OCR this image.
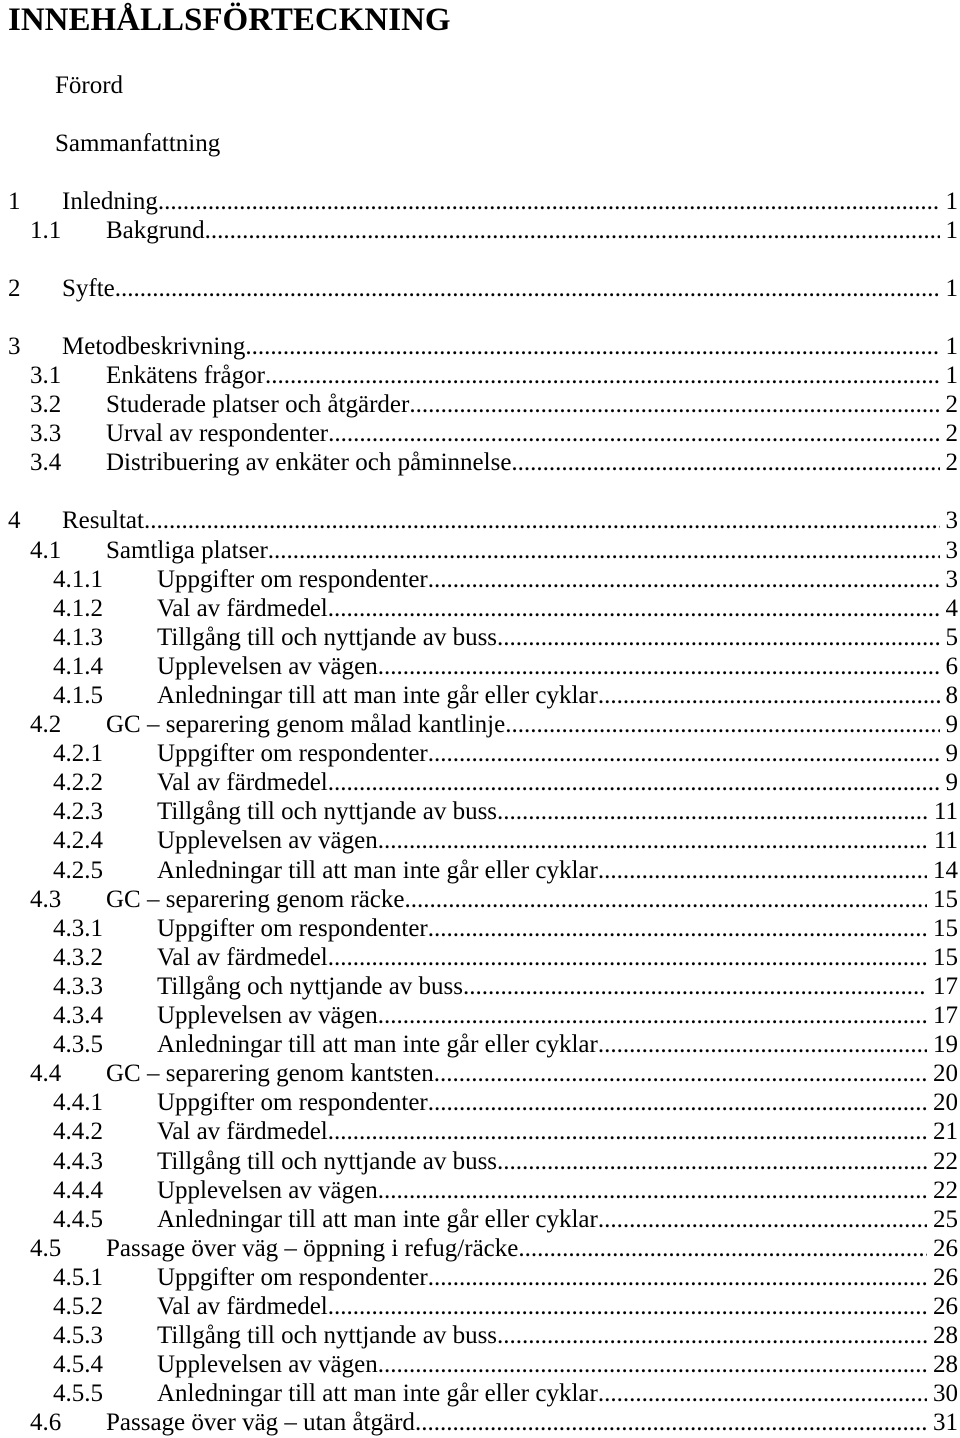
INNEHÅLLSFÖRTECKNING
Förord
Sammanfattning
1	Inledning .....	1
1.1	Bakgrund .....	1
2	Syfte .....	1
3	Metodbeskrivning .....	1
3.1	Enkätens frågor .....	1
3.2	Studerade platser och åtgärder .....	2
3.3	Urval av respondenter .....	2
3.4	Distribuering av enkäter och påminnelse .....	2
4	Resultat .....	3
4.1	Samtliga platser .....	3
4.1.1	Uppgifter om respondenter .....	3
4.1.2	Val av färdmedel .....	4
4.1.3	Tillgång till och nyttjande av buss .....	5
4.1.4	Upplevelsen av vägen .....	6
4.1.5	Anledningar till att man inte går eller cyklar .....	8
4.2	GC – separering genom målad kantlinje .....	9
4.2.1	Uppgifter om respondenter .....	9
4.2.2	Val av färdmedel .....	9
4.2.3	Tillgång till och nyttjande av buss .....	11
4.2.4	Upplevelsen av vägen .....	11
4.2.5	Anledningar till att man inte går eller cyklar .....	14
4.3	GC – separering genom räcke .....	15
4.3.1	Uppgifter om respondenter .....	15
4.3.2	Val av färdmedel .....	15
4.3.3	Tillgång och nyttjande av buss .....	17
4.3.4	Upplevelsen av vägen .....	17
4.3.5	Anledningar till att man inte går eller cyklar .....	19
4.4	GC – separering genom kantsten .....	20
4.4.1	Uppgifter om respondenter .....	20
4.4.2	Val av färdmedel .....	21
4.4.3	Tillgång till och nyttjande av buss .....	22
4.4.4	Upplevelsen av vägen .....	22
4.4.5	Anledningar till att man inte går eller cyklar .....	25
4.5	Passage över väg – öppning i refug/räcke .....	26
4.5.1	Uppgifter om respondenter .....	26
4.5.2	Val av färdmedel .....	26
4.5.3	Tillgång till och nyttjande av buss .....	28
4.5.4	Upplevelsen av vägen .....	28
4.5.5	Anledningar till att man inte går eller cyklar .....	30
4.6	Passage över väg – utan åtgärd .....	31
